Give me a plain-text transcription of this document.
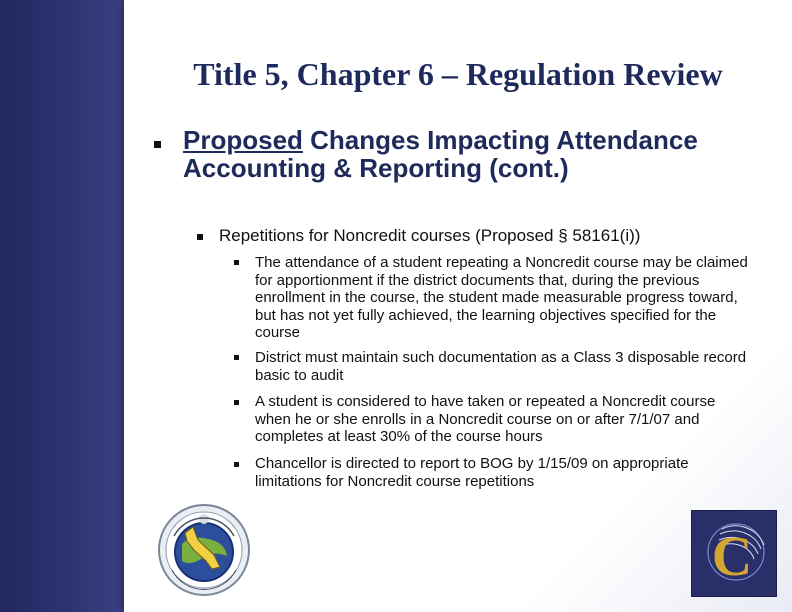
Title 5, Chapter 6 – Regulation Review
Proposed Changes Impacting Attendance Accounting & Reporting (cont.)
Repetitions for Noncredit courses (Proposed § 58161(i))
The attendance of a student repeating a Noncredit course may be claimed for apportionment if the district documents that, during the previous enrollment in the course, the student made measurable progress toward, but has not yet fully achieved, the learning objectives specified for the course
District must maintain such documentation as a Class 3 disposable record basic to audit
A student is considered to have taken or repeated a Noncredit course when he or she enrolls in a Noncredit course on or after 7/1/07 and completes at least 30% of the course hours
Chancellor is directed to report to BOG by 1/15/09 on appropriate limitations for Noncredit course repetitions
C
